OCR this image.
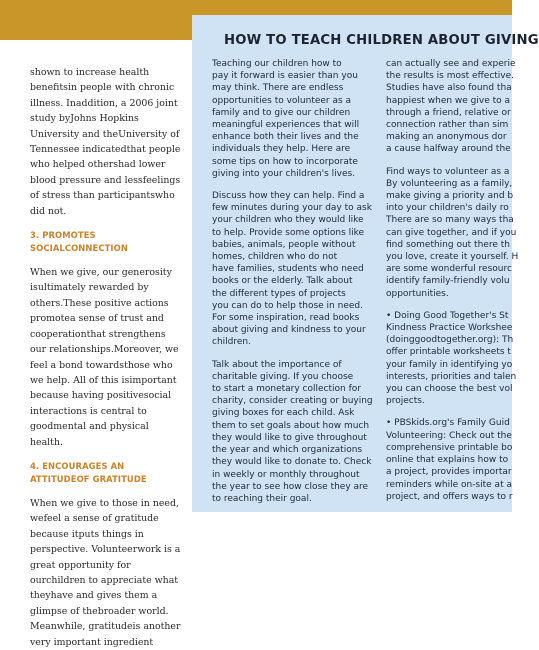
shown to increase health benefitsin people with chronic illness. Inaddition, a 2006 joint study byJohns Hopkins University and theUniversity of Tennessee indicatedthat people who helped othershad lower blood pressure and lessfeelings of stress than participantswho did not.

3. PROMOTES SOCIALCONNECTION

When we give, our generosity isultimately rewarded by others.These positive actions promotea sense of trust and cooperationthat strengthens our relationships.Moreover, we feel a bond towardsthose who we help. All of this isimportant because having positivesocial interactions is central to goodmental and physical health.

4. ENCOURAGES AN ATTITUDEOF GRATITUDE

When we give to those in need, wefeel a sense of gratitude because itputs things in perspective. Volunteerwork is a great opportunity for ourchildren to appreciate what theyhave and gives them a glimpse of thebroader world. Meanwhile, gratitudeis another very important ingredient

HOW TO TEACH CHILDREN ABOUT GIVING

Teaching our children how to
pay it forward is easier than you
may think. There are endless
opportunities to volunteer as a
family and to give our children
meaningful experiences that will
enhance both their lives and the
individuals they help. Here are
some tips on how to incorporate
giving into your children's lives.

Discuss how they can help. Find a
few minutes during your day to ask
your children who they would like
to help. Provide some options like
babies, animals, people without
homes, children who do not
have families, students who need
books or the elderly. Talk about
the different types of projects
you can do to help those in need.
For some inspiration, read books
about giving and kindness to your
children.

Talk about the importance of
charitable giving. If you choose
to start a monetary collection for
charity, consider creating or buying
giving boxes for each child. Ask
them to set goals about how much
they would like to give throughout
the year and which organizations
they would like to donate to. Check
in weekly or monthly throughout
the year to see how close they are
to reaching their goal.

can actually see and experie
the results is most effective.
Studies have also found tha
happiest when we give to a
through a friend, relative or
connection rather than sim
making an anonymous dor
a cause halfway around the

Find ways to volunteer as a
By volunteering as a family,
make giving a priority and b
into your children's daily ro
There are so many ways tha
can give together, and if you
find something out there th
you love, create it yourself. H
are some wonderful resourc
identify family-friendly volu
opportunities.

• Doing Good Together's St
Kindness Practice Workshee
(doinggoodtogether.org): Th
offer printable worksheets t
your family in identifying yo
interests, priorities and talen
you can choose the best vol
projects.

• PBSkids.org's Family Guid
Volunteering: Check out the
comprehensive printable bo
online that explains how to
a project, provides importar
reminders while on-site at a
project, and offers ways to r
